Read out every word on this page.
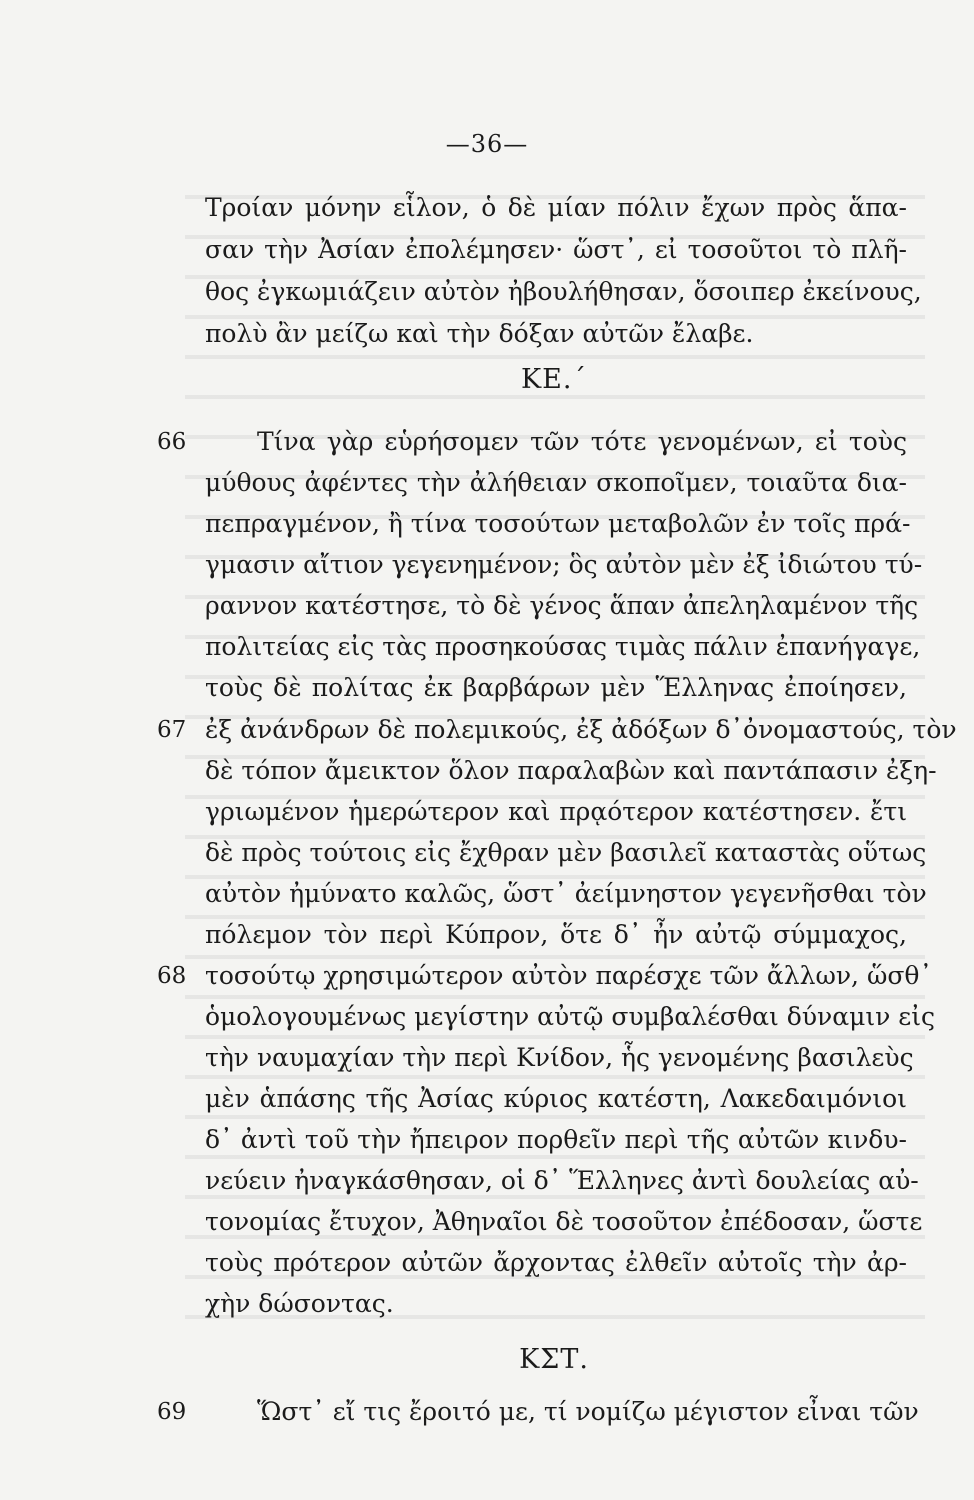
—36—
Τροίαν μόνην εἷλον, ὁ δὲ μίαν πόλιν ἔχων πρὸς ἅπα-
σαν τὴν Ἀσίαν ἐπολέμησεν· ὥστ᾽, εἰ τοσοῦτοι τὸ πλῆ-
θος ἐγκωμιάζειν αὐτὸν ἠβουλήθησαν, ὅσοιπερ ἐκείνους,
πολὺ ἂν μείζω καὶ τὴν δόξαν αὐτῶν ἔλαβε.
ΚΕ.΄
66	Τίνα γὰρ εὑρήσομεν τῶν τότε γενομένων, εἰ τοὺς
μύθους ἀφέντες τὴν ἀλήθειαν σκοποῖμεν, τοιαῦτα δια-
πεπραγμένον, ἢ τίνα τοσούτων μεταβολῶν ἐν τοῖς πρά-
γμασιν αἴτιον γεγενημένον; ὃς αὐτὸν μὲν ἐξ ἰδιώτου τύ-
ραννον κατέστησε, τὸ δὲ γένος ἅπαν ἀπεληλαμένον τῆς
πολιτείας εἰς τὰς προσηκούσας τιμὰς πάλιν ἐπανήγαγε,
τοὺς δὲ πολίτας ἐκ βαρβάρων μὲν Ἕλληνας ἐποίησεν,
67 ἐξ ἀνάνδρων δὲ πολεμικούς, ἐξ ἀδόξων δ᾽ὀνομαστούς, τὸν
δὲ τόπον ἄμεικτον ὅλον παραλαβὼν καὶ παντάπασιν ἐξη-
γριωμένον ἡμερώτερον καὶ πρᾳότερον κατέστησεν. ἔτι
δὲ πρὸς τούτοις εἰς ἔχθραν μὲν βασιλεῖ καταστὰς οὕτως
αὐτὸν ἠμύνατο καλῶς, ὥστ᾽ ἀείμνηστον γεγενῆσθαι τὸν
πόλεμον τὸν περὶ Κύπρον, ὅτε δ᾽ ἦν αὐτῷ σύμμαχος,
68 τοσούτῳ χρησιμώτερον αὐτὸν παρέσχε τῶν ἄλλων, ὥσθ᾽
ὁμολογουμένως μεγίστην αὐτῷ συμβαλέσθαι δύναμιν εἰς
τὴν ναυμαχίαν τὴν περὶ Κνίδον, ἧς γενομένης βασιλεὺς
μὲν ἁπάσης τῆς Ἀσίας κύριος κατέστη, Λακεδαιμόνιοι
δ᾽ ἀντὶ τοῦ τὴν ἤπειρον πορθεῖν περὶ τῆς αὐτῶν κινδυ-
νεύειν ἠναγκάσθησαν, οἱ δ᾽ Ἕλληνες ἀντὶ δουλείας αὐ-
τονομίας ἔτυχον, Ἀθηναῖοι δὲ τοσοῦτον ἐπέδοσαν, ὥστε
τοὺς πρότερον αὐτῶν ἄρχοντας ἐλθεῖν αὐτοῖς τὴν ἀρ-
χὴν δώσοντας.
ΚΣΤ.
69	Ὥστ᾽ εἴ τις ἔροιτό με, τί νομίζω μέγιστον εἶναι τῶν
